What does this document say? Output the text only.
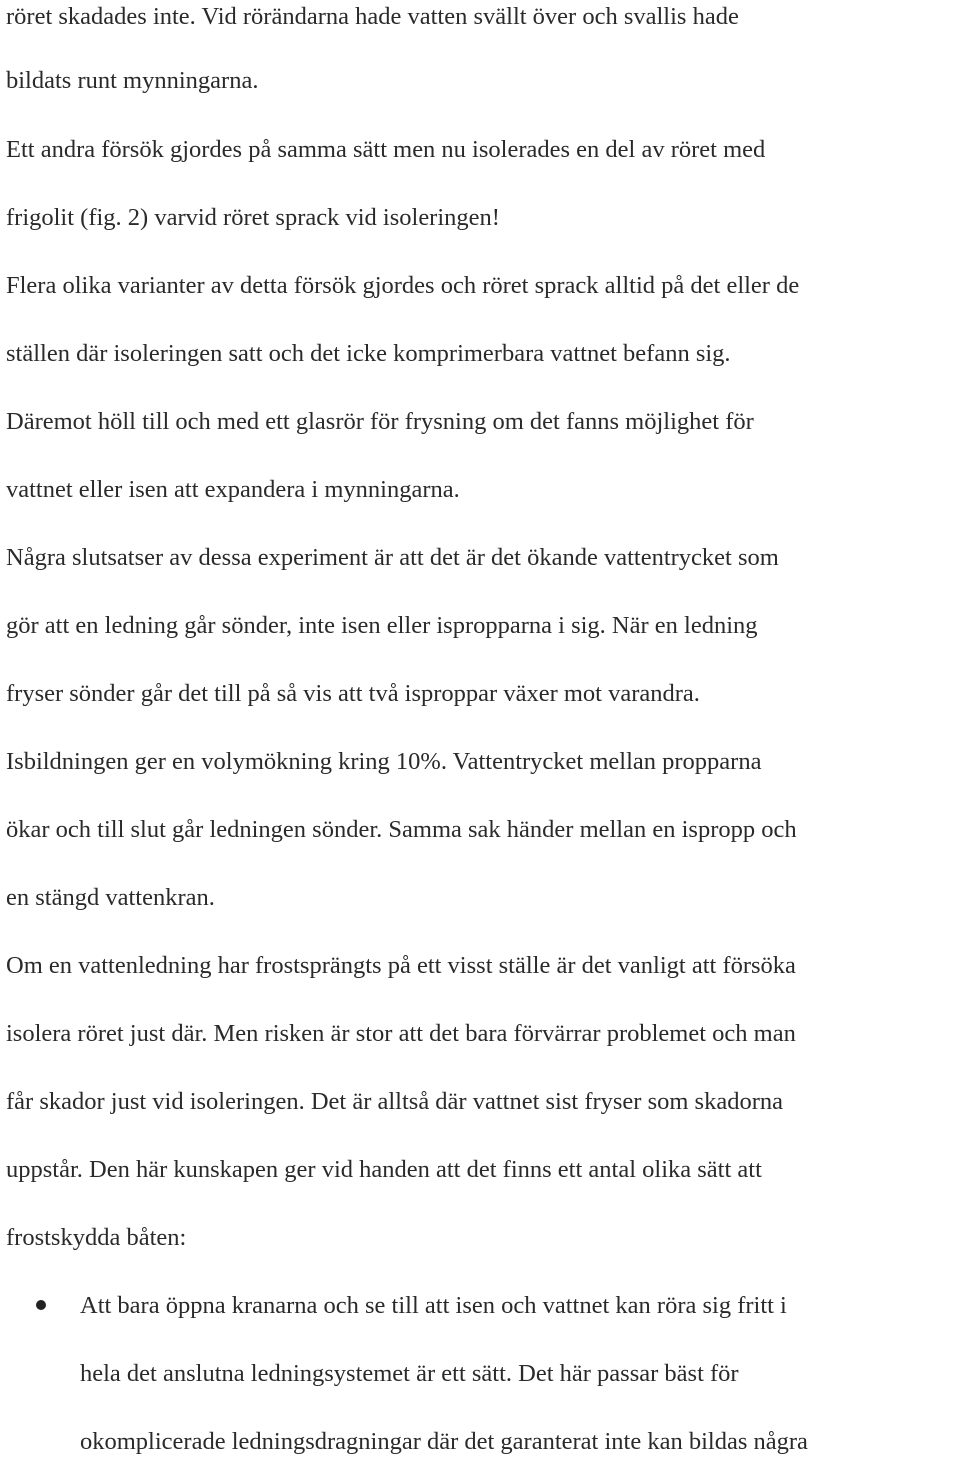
röret skadades inte. Vid rörändarna hade vatten svällt över och svallis hade
bildats runt mynningarna.
Ett andra försök gjordes på samma sätt men nu isolerades en del av röret med
frigolit (fig. 2) varvid röret sprack vid isoleringen!
Flera olika varianter av detta försök gjordes och röret sprack alltid på det eller de
ställen där isoleringen satt och det icke komprimerbara vattnet befann sig.
Däremot höll till och med ett glasrör för frysning om det fanns möjlighet för
vattnet eller isen att expandera i mynningarna.
Några slutsatser av dessa experiment är att det är det ökande vattentrycket som
gör att en ledning går sönder, inte isen eller ispropparna i sig. När en ledning
fryser sönder går det till på så vis att två isproppar växer mot varandra.
Isbildningen ger en volymökning kring 10%. Vattentrycket mellan propparna
ökar och till slut går ledningen sönder. Samma sak händer mellan en ispropp och
en stängd vattenkran.
Om en vattenledning har frostsprängts på ett visst ställe är det vanligt att försöka
isolera röret just där. Men risken är stor att det bara förvärrar problemet och man
får skador just vid isoleringen. Det är alltså där vattnet sist fryser som skadorna
uppstår. Den här kunskapen ger vid handen att det finns ett antal olika sätt att
frostskydda båten:
Att bara öppna kranarna och se till att isen och vattnet kan röra sig fritt i
hela det anslutna ledningsystemet är ett sätt. Det här passar bäst för
okomplicerade ledningsdragningar där det garanterat inte kan bildas några
